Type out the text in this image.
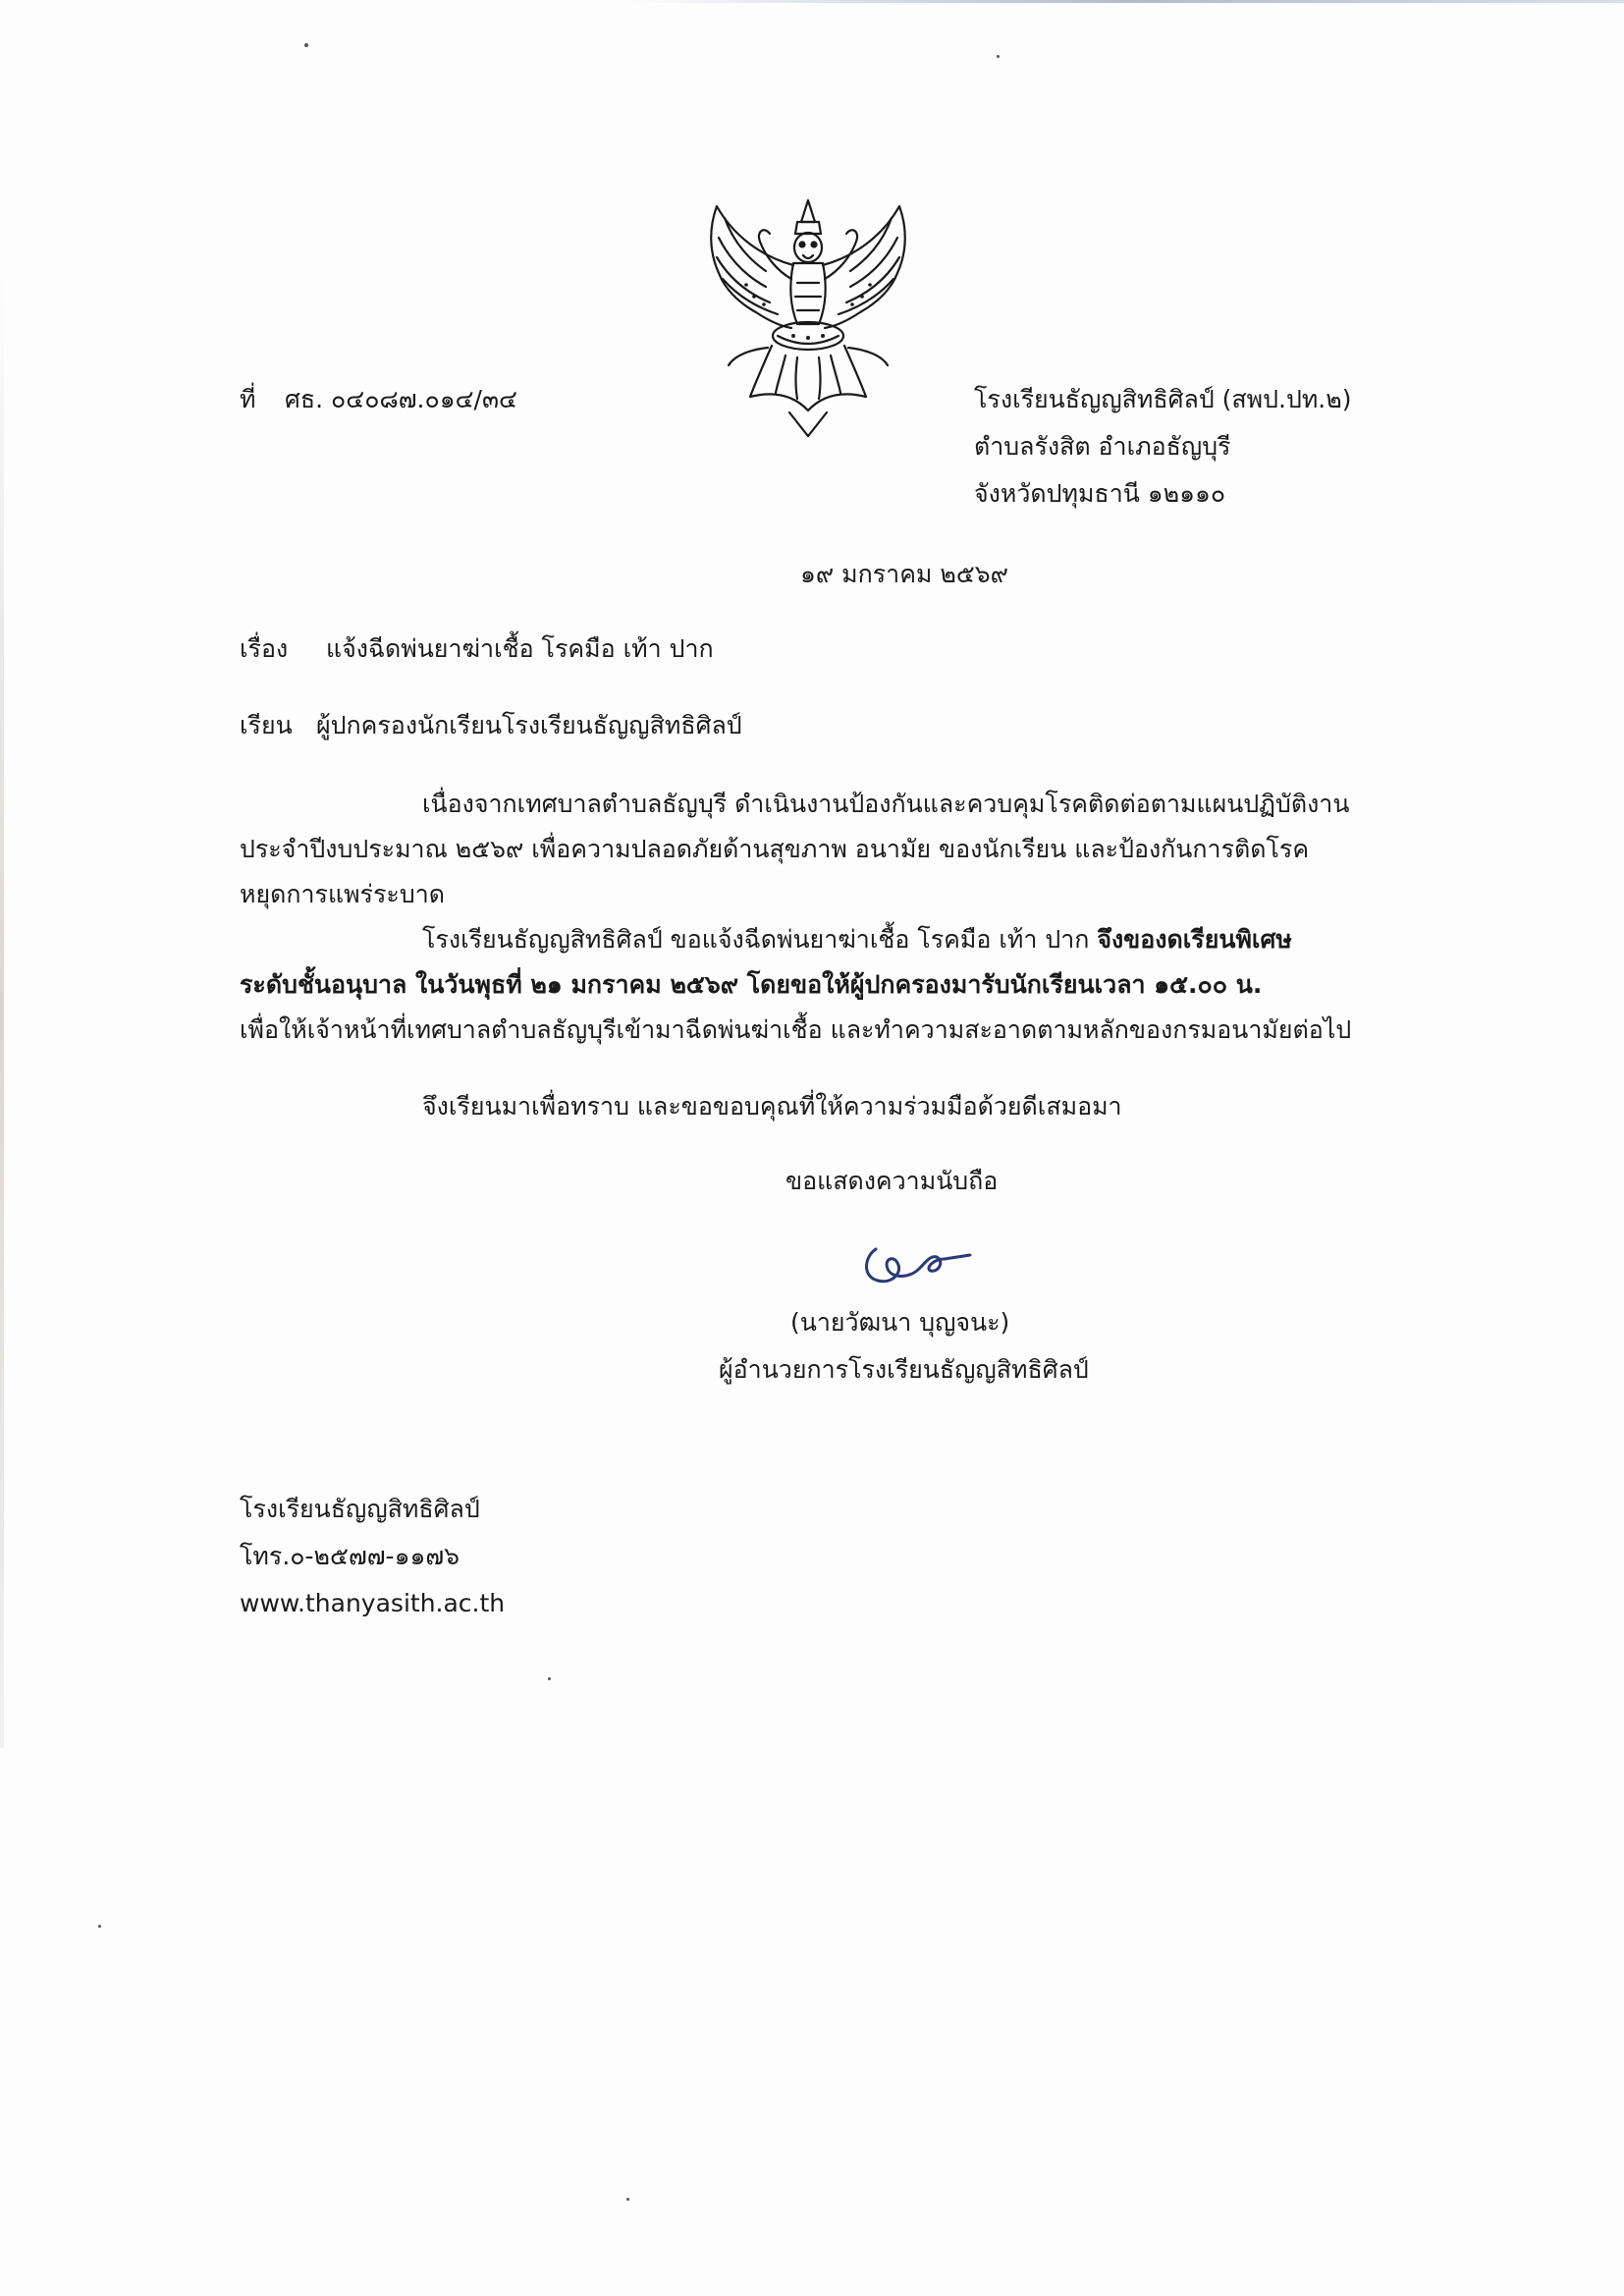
ที่ ศธ. ๐๔๐๘๗.๐๑๔/๓๔	โรงเรียนธัญญสิทธิศิลป์ (สพป.ปท.๒)
ตำบลรังสิต อำเภอธัญบุรี
จังหวัดปทุมธานี ๑๒๑๑๐
๑๙ มกราคม ๒๕๖๙
เรื่อง แจ้งฉีดพ่นยาฆ่าเชื้อ โรคมือ เท้า ปาก
เรียน ผู้ปกครองนักเรียนโรงเรียนธัญญสิทธิศิลป์
เนื่องจากเทศบาลตำบลธัญบุรี ดำเนินงานป้องกันและควบคุมโรคติดต่อตามแผนปฏิบัติงาน
ประจำปีงบประมาณ ๒๕๖๙ เพื่อความปลอดภัยด้านสุขภาพ อนามัย ของนักเรียน และป้องกันการติดโรค
หยุดการแพร่ระบาด
โรงเรียนธัญญสิทธิศิลป์ ขอแจ้งฉีดพ่นยาฆ่าเชื้อ โรคมือ เท้า ปาก จึงของดเรียนพิเศษ
ระดับชั้นอนุบาล ในวันพุธที่ ๒๑ มกราคม ๒๕๖๙ โดยขอให้ผู้ปกครองมารับนักเรียนเวลา ๑๕.๐๐ น.
เพื่อให้เจ้าหน้าที่เทศบาลตำบลธัญบุรีเข้ามาฉีดพ่นฆ่าเชื้อ และทำความสะอาดตามหลักของกรมอนามัยต่อไป
จึงเรียนมาเพื่อทราบ และขอขอบคุณที่ให้ความร่วมมือด้วยดีเสมอมา
ขอแสดงความนับถือ
(นายวัฒนา บุญจนะ)
ผู้อำนวยการโรงเรียนธัญญสิทธิศิลป์
โรงเรียนธัญญสิทธิศิลป์
โทร.๐-๒๕๗๗-๑๑๗๖
www.thanyasith.ac.th
